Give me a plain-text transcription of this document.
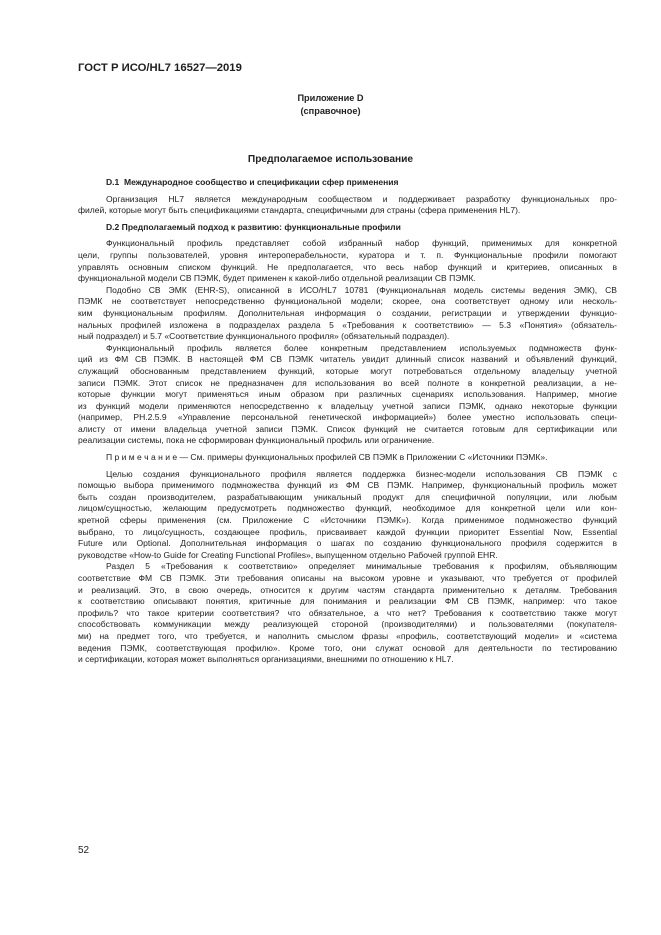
ГОСТ Р ИСО/HL7 16527—2019
Приложение D
(справочное)
Предполагаемое использование
D.1  Международное сообщество и спецификации сфер применения
Организация HL7 является международным сообществом и поддерживает разработку функциональных про-
филей, которые могут быть спецификациями стандарта, специфичными для страны (сфера применения HL7).
D.2 Предполагаемый подход к развитию: функциональные профили
Функциональный профиль представляет собой избранный набор функций, применимых для конкретной
цели, группы пользователей, уровня интероперабельности, куратора и т. п. Функциональные профили помогают
управлять основным списком функций. Не предполагается, что весь набор функций и критериев, описанных в
функциональной модели СВ ПЭМК, будет применен к какой-либо отдельной реализации СВ ПЭМК.
Подобно СВ ЭМК (EHR-S), описанной в ИСО/HL7 10781 (Функциональная модель системы ведения ЭМК), СВ
ПЭМК не соответствует непосредственно функциональной модели; скорее, она соответствует одному или несколь-
ким функциональным профилям. Дополнительная информация о создании, регистрации и утверждении функцио-
нальных профилей изложена в подразделах раздела 5 «Требования к соответствию» — 5.3 «Понятия» (обязатель-
ный подраздел) и 5.7 «Соответствие функционального профиля» (обязательный подраздел).
Функциональный профиль является более конкретным представлением используемых подмножеств функ-
ций из ФМ СВ ПЭМК. В настоящей ФМ СВ ПЭМК читатель увидит длинный список названий и объявлений функций,
служащий обоснованным представлением функций, которые могут потребоваться отдельному владельцу учетной
записи ПЭМК. Этот список не предназначен для использования во всей полноте в конкретной реализации, а не-
которые функции могут применяться иным образом при различных сценариях использования. Например, многие
из функций модели применяются непосредственно к владельцу учетной записи ПЭМК, однако некоторые функции
(например, PH.2.5.9 «Управление персональной генетической информацией») более уместно использовать специ-
алисту от имени владельца учетной записи ПЭМК. Список функций не считается готовым для сертификации или
реализации системы, пока не сформирован функциональный профиль или ограничение.
П р и м е ч а н и е — См. примеры функциональных профилей СВ ПЭМК в Приложении С «Источники ПЭМК».
Целью создания функционального профиля является поддержка бизнес-модели использования СВ ПЭМК с
помощью выбора применимого подмножества функций из ФМ СВ ПЭМК. Например, функциональный профиль может
быть создан производителем, разрабатывающим уникальный продукт для специфичной популяции, или любым
лицом/сущностью, желающим предусмотреть подмножество функций, необходимое для конкретной цели или кон-
кретной сферы применения (см. Приложение С «Источники ПЭМК»). Когда применимое подмножество функций
выбрано, то лицо/сущность, создающее профиль, присваивает каждой функции приоритет Essential Now, Essential
Future или Optional. Дополнительная информация о шагах по созданию функционального профиля содержится в
руководстве «How-to Guide for Creating Functional Profiles», выпущенном отдельно Рабочей группой EHR.
Раздел 5 «Требования к соответствию» определяет минимальные требования к профилям, объявляющим
соответствие ФМ СВ ПЭМК. Эти требования описаны на высоком уровне и указывают, что требуется от профилей
и реализаций. Это, в свою очередь, относится к другим частям стандарта применительно к деталям. Требования
к соответствию описывают понятия, критичные для понимания и реализации ФМ СВ ПЭМК, например: что такое
профиль? что такое критерии соответствия? что обязательное, а что нет? Требования к соответствию также могут
способствовать коммуникации между реализующей стороной (производителями) и пользователями (покупателя-
ми) на предмет того, что требуется, и наполнить смыслом фразы «профиль, соответствующий модели» и «система
ведения ПЭМК, соответствующая профилю». Кроме того, они служат основой для деятельности по тестированию
и сертификации, которая может выполняться организациями, внешними по отношению к HL7.
52
